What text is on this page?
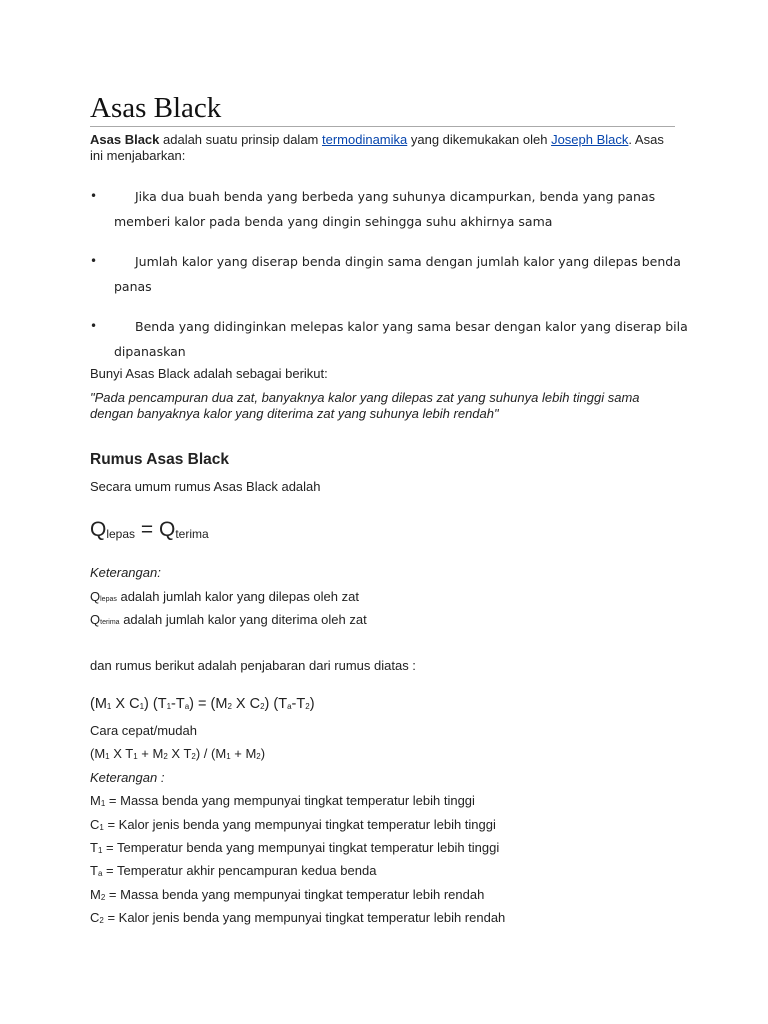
Asas Black
Asas Black adalah suatu prinsip dalam termodinamika yang dikemukakan oleh Joseph Black. Asas ini menjabarkan:
•	Jika dua buah benda yang berbeda yang suhunya dicampurkan, benda yang panas
memberi kalor pada benda yang dingin sehingga suhu akhirnya sama
•	Jumlah kalor yang diserap benda dingin sama dengan jumlah kalor yang dilepas benda
panas
•	Benda yang didinginkan melepas kalor yang sama besar dengan kalor yang diserap bila
dipanaskan
Bunyi Asas Black adalah sebagai berikut:
"Pada pencampuran dua zat, banyaknya kalor yang dilepas zat yang suhunya lebih tinggi sama dengan banyaknya kalor yang diterima zat yang suhunya lebih rendah"
Rumus Asas Black
Secara umum rumus Asas Black adalah
$Q_{lepas} = Q_{terima}$
Keterangan:
Qlepas adalah jumlah kalor yang dilepas oleh zat
Qterima adalah jumlah kalor yang diterima oleh zat
dan rumus berikut adalah penjabaran dari rumus diatas :
($M_1$ X $C_1$) $(T_1-T_a) = (M_2$ X $C_2$) $(T_a-T_2)$
Cara cepat/mudah
($M_1$ X $T_1 + M_2$ X $T_2) / (M_1 + M_2)$
Keterangan :
$M_1$ = Massa benda yang mempunyai tingkat temperatur lebih tinggi
$C_1$ = Kalor jenis benda yang mempunyai tingkat temperatur lebih tinggi
$T_1$ = Temperatur benda yang mempunyai tingkat temperatur lebih tinggi
$T_a$ = Temperatur akhir pencampuran kedua benda
$M_2$ = Massa benda yang mempunyai tingkat temperatur lebih rendah
$C_2$ = Kalor jenis benda yang mempunyai tingkat temperatur lebih rendah
